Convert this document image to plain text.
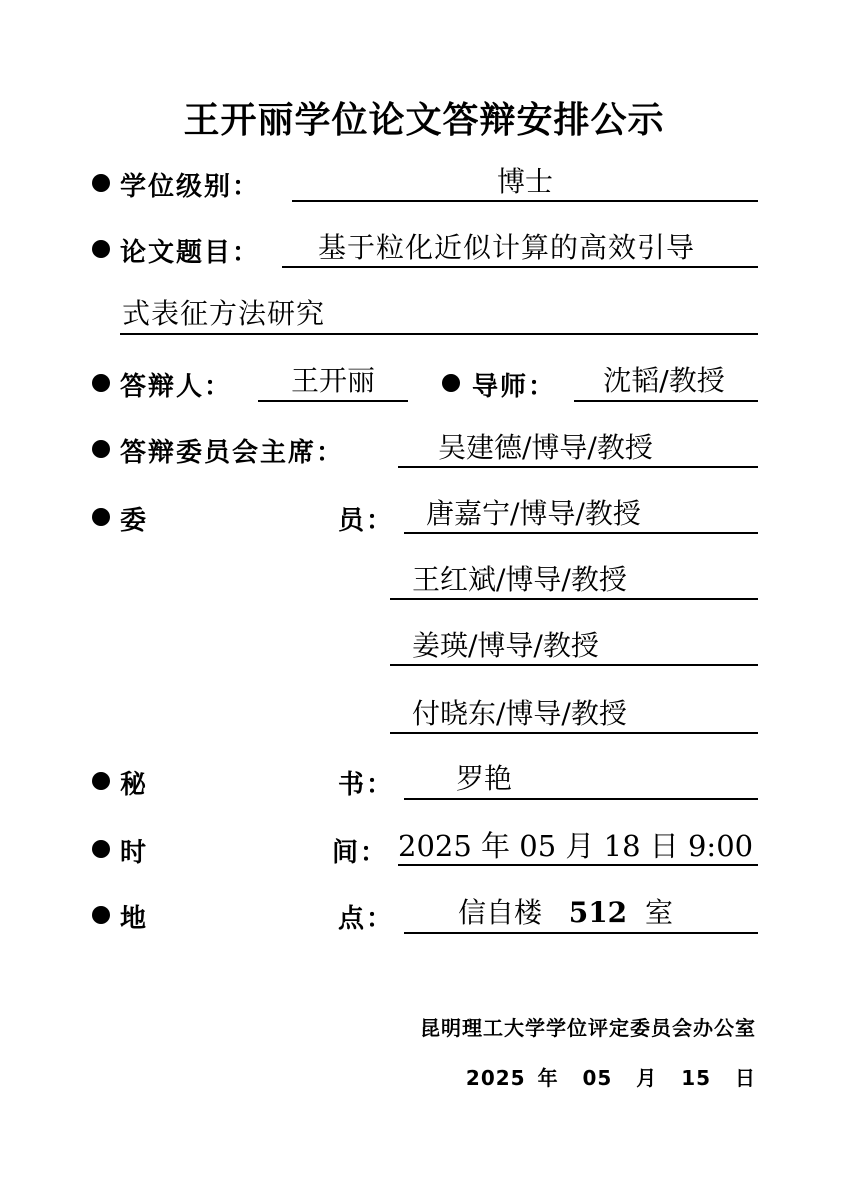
王开丽学位论文答辩安排公示
学位级别：	博士
论文题目： 基于粒化近似计算的高效引导
式表征方法研究
答辩人：	王开丽	导师：	沈韬/教授
答辩委员会主席：	吴建德/博导/教授
委	员： 唐嘉宁/博导/教授
王红斌/博导/教授
姜瑛/博导/教授
付晓东/博导/教授
秘	书： 罗艳
时	间： 2025 年 05 月 18 日 9:00
地	点： 信自楼 512 室
昆明理工大学学位评定委员会办公室
2025 年 05 月 15 日
